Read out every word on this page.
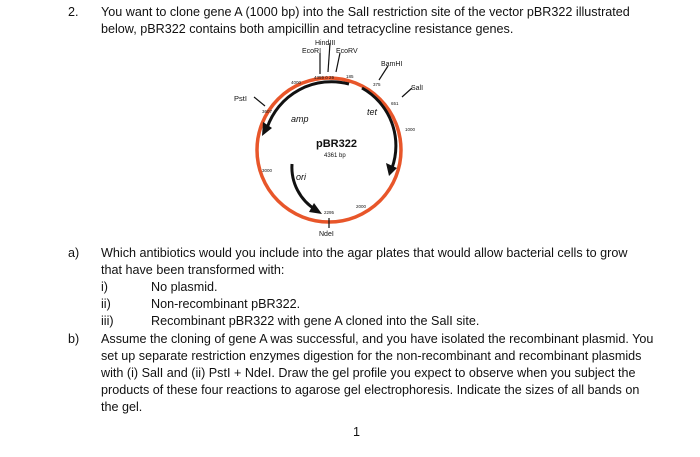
2. You want to clone gene A (1000 bp) into the SalI restriction site of the vector pBR322 illustrated
below, pBR322 contains both ampicillin and tetracycline resistance genes.
HindIII
EcoRI EcoRV
BamHI
SalI
PstI
NdeI
4359 0 29	185
375
651
3607
2295
4000
1000
3000
2000
amp
tet
ori
pBR322
4361 bp
a) Which antibiotics would you include into the agar plates that would allow bacterial cells to grow
that have been transformed with:
i)	No plasmid.
ii)	Non-recombinant pBR322.
iii)	Recombinant pBR322 with gene A cloned into the SalI site.
b) Assume the cloning of gene A was successful, and you have isolated the recombinant plasmid. You
set up separate restriction enzymes digestion for the non-recombinant and recombinant plasmids
with (i) SalI and (ii) PstI + NdeI. Draw the gel profile you expect to observe when you subject the
products of these four reactions to agarose gel electrophoresis. Indicate the sizes of all bands on
the gel.
1
